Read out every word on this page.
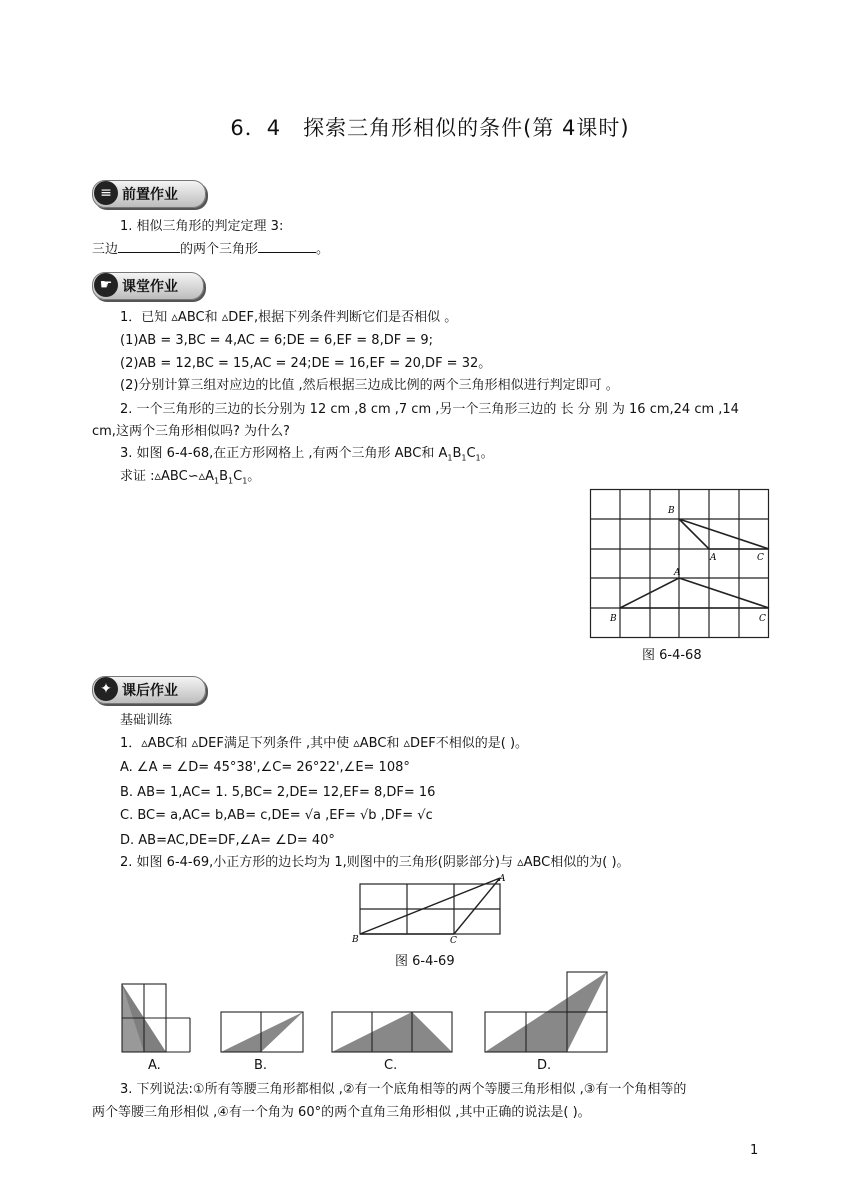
6．4　探索三角形相似的条件(第 4课时)
≡ 前置作业
1. 相似三角形的判定定理 3:
三边	的两个三角形	。
☛ 课堂作业
1．已知 ▵ABC和 ▵DEF,根据下列条件判断它们是否相似 。
(1)AB = 3,BC = 4,AC = 6;DE = 6,EF = 8,DF = 9;
(2)AB = 12,BC = 15,AC = 24;DE = 16,EF = 20,DF = 32。
(2)分别计算三组对应边的比值 ,然后根据三边成比例的两个三角形相似进行判定即可 。
2. 一个三角形的三边的长分别为 12 cm ,8 cm ,7 cm ,另一个三角形三边的 长 分 别 为 16 cm,24 cm ,14
cm,这两个三角形相似吗? 为什么?
3. 如图 6-4-68,在正方形网格上 ,有两个三角形 ABC和 $A_1B_1C_1$。
求证 $:▵ABC∽▵A_1B_1C_1$。
B
A	C
A
B	C
图 6-4-68
✦ 课后作业
基础训练
1．▵ABC和 ▵DEF满足下列条件 ,其中使 ▵ABC和 ▵DEF不相似的是( )。
A. ∠A = ∠D= 45°38',∠C= 26°22',∠E= 108°
B. AB= 1,AC= 1. 5,BC= 2,DE= 12,EF= 8,DF= 16
C. BC= a,AC= b,AB= c,DE= √a ,EF= √b ,DF= √c
D. AB=AC,DE=DF,∠A= ∠D= 40°
2. 如图 6-4-69,小正方形的边长均为 1,则图中的三角形(阴影部分)与 ▵ABC相似的为( )。
A
B	C
图 6-4-69
A.	B.	C.	D.
3. 下列说法:①所有等腰三角形都相似 ,②有一个底角相等的两个等腰三角形相似 ,③有一个角相等的
两个等腰三角形相似 ,④有一个角为 60°的两个直角三角形相似 ,其中正确的说法是( )。
1
